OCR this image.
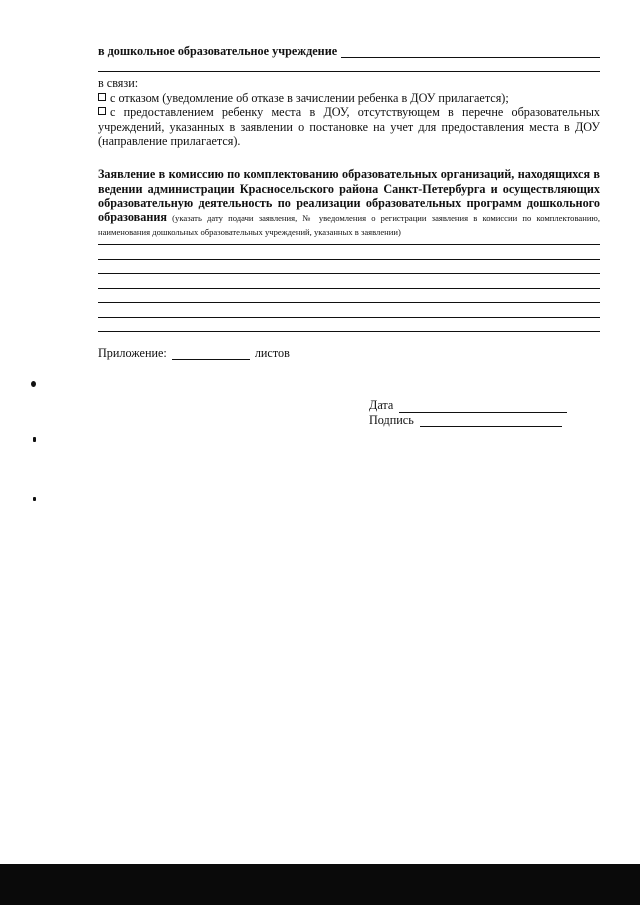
в дошкольное образовательное учреждение
в связи:
с отказом (уведомление об отказе в зачислении ребенка в ДОУ прилагается);
с предоставлением ребенку места в ДОУ, отсутствующем в перечне образовательных учреждений, указанных в заявлении о постановке на учет для предоставления места в ДОУ (направление прилагается).
Заявление в комиссию по комплектованию образовательных организаций, находящихся в ведении администрации Красносельского района Санкт-Петербурга и осуществляющих образовательную деятельность по реализации образовательных программ дошкольного образования (указать дату подачи заявления, № уведомления о регистрации заявления в комиссии по комплектованию, наименования дошкольных образовательных учреждений, указанных в заявлении)
Приложение:	листов
Дата
Подпись
